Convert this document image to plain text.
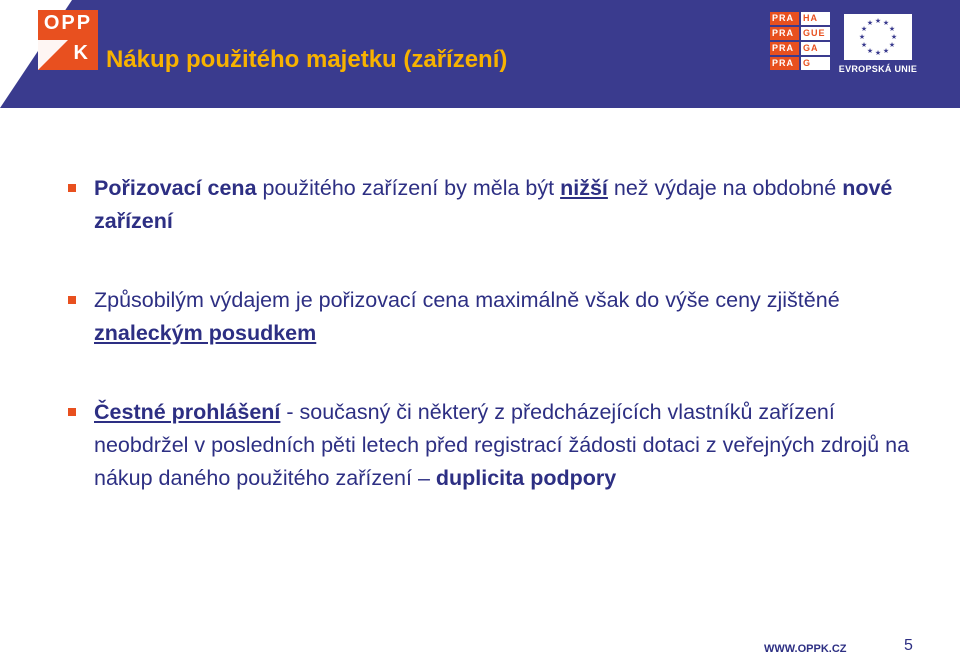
OPP
K Nákup použitého majetku (zařízení)
PRA HA
PRA GUE
PRA GA
PRA G
★ ★
★
★
★
★
★
★
★
★
★
★
EVROPSKÁ UNIE
Pořizovací cena použitého zařízení by měla být nižší než výdaje na obdobné nové zařízení
Způsobilým výdajem je pořizovací cena maximálně však do výše ceny zjištěné znaleckým posudkem
Čestné prohlášení - současný či některý z předcházejících vlastníků zařízení neobdržel v posledních pěti letech před registrací žádosti dotaci z veřejných zdrojů na nákup daného použitého zařízení – duplicita podpory
WWW.OPPK.CZ	5
